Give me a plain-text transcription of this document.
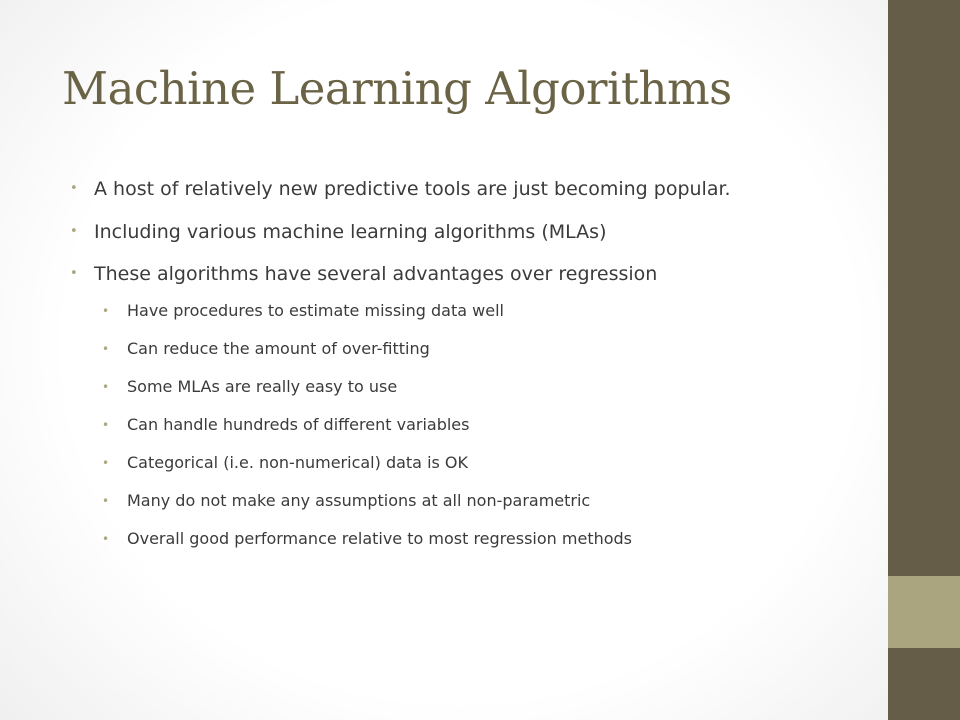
Machine Learning Algorithms
• A host of relatively new predictive tools are just becoming popular.
• Including various machine learning algorithms (MLAs)
• These algorithms have several advantages over regression
• Have procedures to estimate missing data well
• Can reduce the amount of over-fitting
• Some MLAs are really easy to use
• Can handle hundreds of different variables
• Categorical (i.e. non-numerical) data is OK
• Many do not make any assumptions at all non-parametric
• Overall good performance relative to most regression methods
